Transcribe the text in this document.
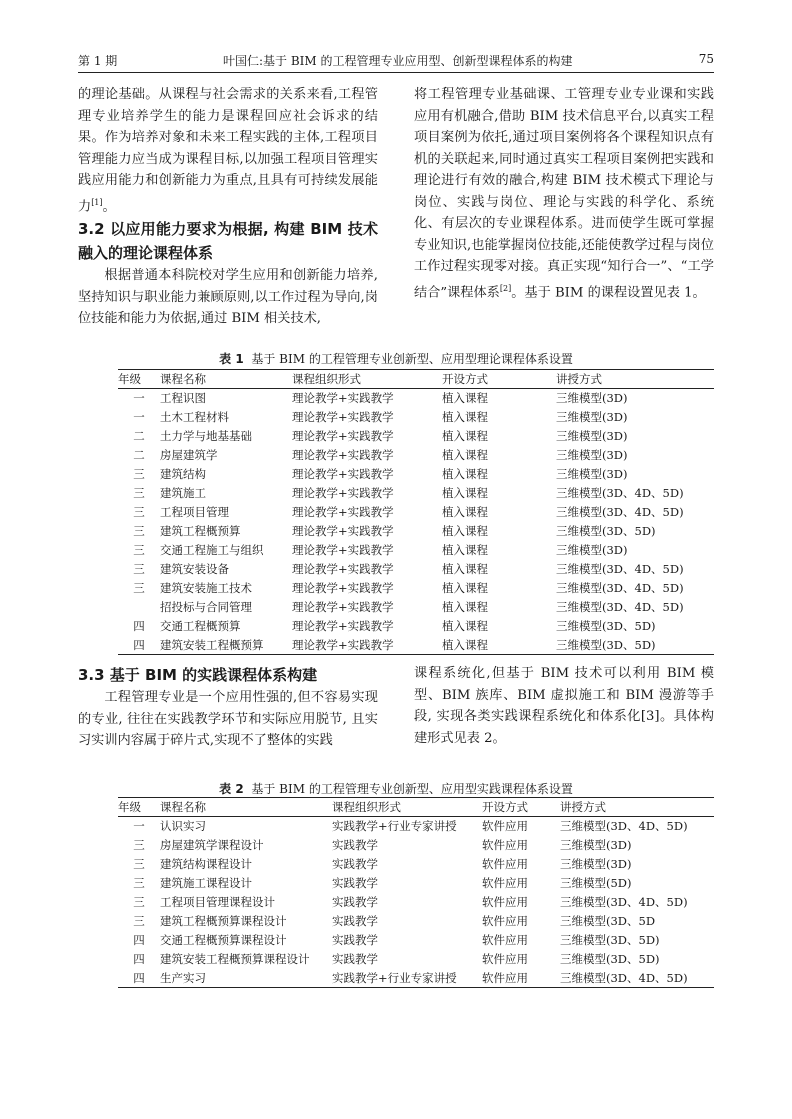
第 1 期	叶国仁:基于 BIM 的工程管理专业应用型、创新型课程体系的构建	75

的理论基础。从课程与社会需求的关系来看,工程管理专业培养学生的能力是课程回应社会诉求的结果。作为培养对象和未来工程实践的主体,工程项目管理能力应当成为课程目标,以加强工程项目管理实践应用能力和创新能力为重点,且具有可持续发展能力[1]。

3.2 以应用能力要求为根据, 构建 BIM 技术融入的理论课程体系

根据普通本科院校对学生应用和创新能力培养,坚持知识与职业能力兼顾原则,以工作过程为导向,岗位技能和能力为依据,通过 BIM 相关技术,

将工程管理专业基础课、工管理专业专业课和实践应用有机融合,借助 BIM 技术信息平台,以真实工程项目案例为依托,通过项目案例将各个课程知识点有机的关联起来,同时通过真实工程项目案例把实践和理论进行有效的融合,构建 BIM 技术模式下理论与岗位、实践与岗位、理论与实践的科学化、系统化、有层次的专业课程体系。进而使学生既可掌握专业知识,也能掌握岗位技能,还能使教学过程与岗位工作过程实现零对接。真正实现“知行合一”、“工学结合”课程体系[2]。基于 BIM 的课程设置见表 1。

表 1 基于 BIM 的工程管理专业创新型、应用型理论课程体系设置
年级	课程名称	课程组织形式	开设方式	讲授方式
一	工程识图	理论教学+实践教学	植入课程	三维模型(3D)
一	土木工程材料	理论教学+实践教学	植入课程	三维模型(3D)
二	土力学与地基基础	理论教学+实践教学	植入课程	三维模型(3D)
二	房屋建筑学	理论教学+实践教学	植入课程	三维模型(3D)
三	建筑结构	理论教学+实践教学	植入课程	三维模型(3D)
三	建筑施工	理论教学+实践教学	植入课程	三维模型(3D、4D、5D)
三	工程项目管理	理论教学+实践教学	植入课程	三维模型(3D、4D、5D)
三	建筑工程概预算	理论教学+实践教学	植入课程	三维模型(3D、5D)
三	交通工程施工与组织	理论教学+实践教学	植入课程	三维模型(3D)
三	建筑安装设备	理论教学+实践教学	植入课程	三维模型(3D、4D、5D)
三	建筑安装施工技术	理论教学+实践教学	植入课程	三维模型(3D、4D、5D)
	招投标与合同管理	理论教学+实践教学	植入课程	三维模型(3D、4D、5D)
四	交通工程概预算	理论教学+实践教学	植入课程	三维模型(3D、5D)
四	建筑安装工程概预算	理论教学+实践教学	植入课程	三维模型(3D、5D)

3.3 基于 BIM 的实践课程体系构建

工程管理专业是一个应用性强的,但不容易实现的专业, 往往在实践教学环节和实际应用脱节, 且实习实训内容属于碎片式,实现不了整体的实践

课程系统化,但基于 BIM 技术可以利用 BIM 模型、BIM 族库、BIM 虚拟施工和 BIM 漫游等手段, 实现各类实践课程系统化和体系化[3]。具体构建形式见表 2。

表 2 基于 BIM 的工程管理专业创新型、应用型实践课程体系设置
年级	课程名称	课程组织形式	开设方式	讲授方式
一	认识实习	实践教学+行业专家讲授	软件应用	三维模型(3D、4D、5D)
三	房屋建筑学课程设计	实践教学	软件应用	三维模型(3D)
三	建筑结构课程设计	实践教学	软件应用	三维模型(3D)
三	建筑施工课程设计	实践教学	软件应用	三维模型(5D)
三	工程项目管理课程设计	实践教学	软件应用	三维模型(3D、4D、5D)
三	建筑工程概预算课程设计	实践教学	软件应用	三维模型(3D、5D
四	交通工程概预算课程设计	实践教学	软件应用	三维模型(3D、5D)
四	建筑安装工程概预算课程设计	实践教学	软件应用	三维模型(3D、5D)
四	生产实习	实践教学+行业专家讲授	软件应用	三维模型(3D、4D、5D)
